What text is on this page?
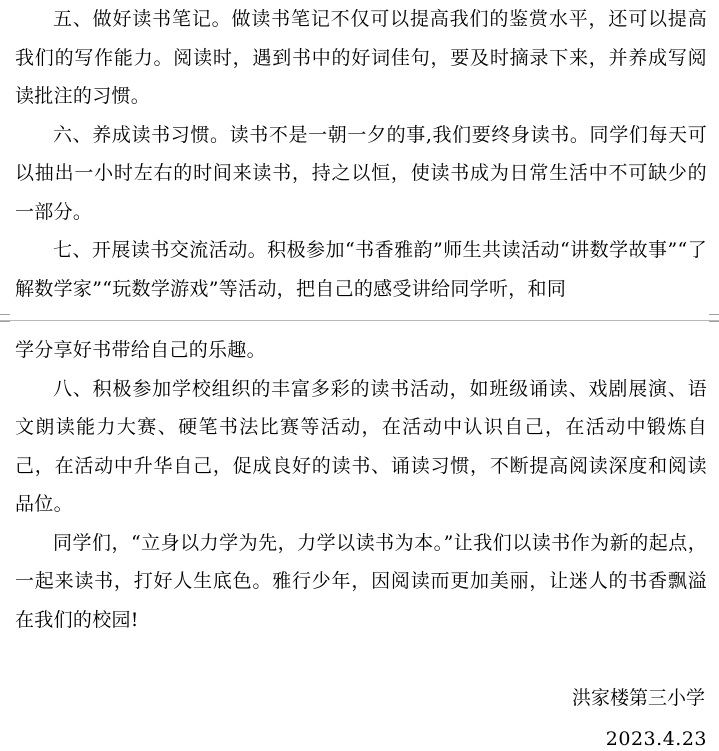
五、做好读书笔记。做读书笔记不仅可以提高我们的鉴赏水平，还可以提高我们的写作能力。阅读时，遇到书中的好词佳句，要及时摘录下来，并养成写阅读批注的习惯。

六、养成读书习惯。读书不是一朝一夕的事,我们要终身读书。同学们每天可以抽出一小时左右的时间来读书，持之以恒，使读书成为日常生活中不可缺少的一部分。

七、开展读书交流活动。积极参加“书香雅韵”师生共读活动“讲数学故事”“了解数学家”“玩数学游戏”等活动，把自己的感受讲给同学听，和同

学分享好书带给自己的乐趣。

八、积极参加学校组织的丰富多彩的读书活动，如班级诵读、戏剧展演、语文朗读能力大赛、硬笔书法比赛等活动，在活动中认识自己，在活动中锻炼自己，在活动中升华自己，促成良好的读书、诵读习惯，不断提高阅读深度和阅读品位。

同学们，“立身以力学为先，力学以读书为本。”让我们以读书作为新的起点，一起来读书，打好人生底色。雅行少年，因阅读而更加美丽，让迷人的书香飘溢在我们的校园!

洪家楼第三小学
2023.4.23
